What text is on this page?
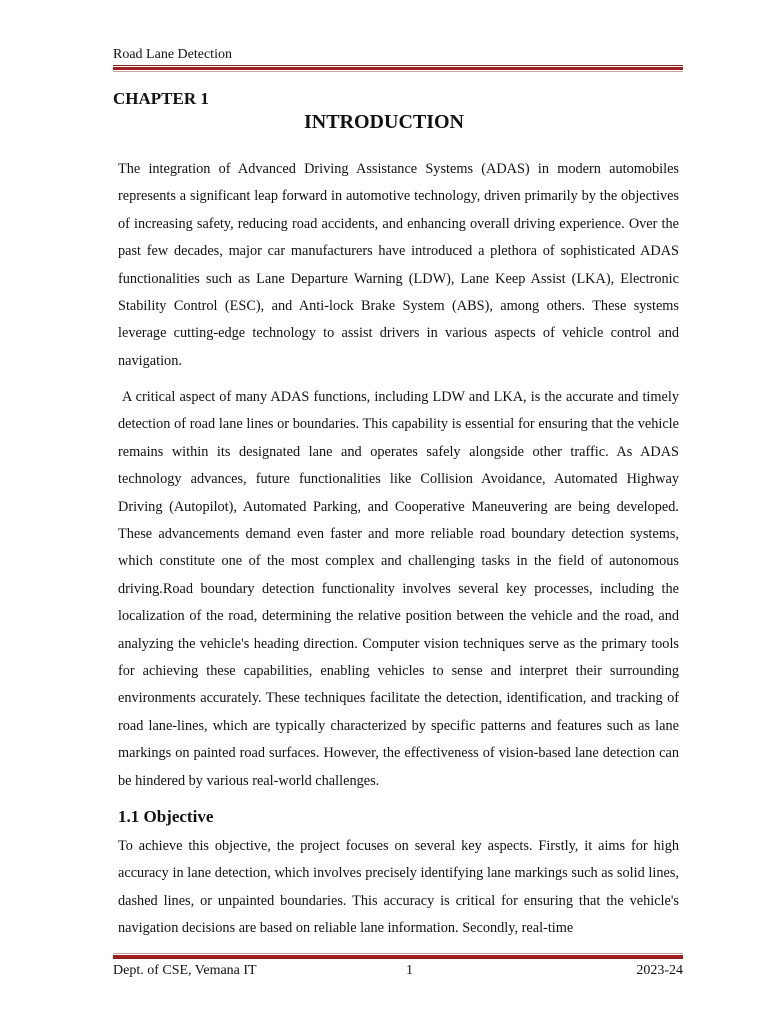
Road Lane Detection
CHAPTER 1
INTRODUCTION

The integration of Advanced Driving Assistance Systems (ADAS) in modern automobiles represents a significant leap forward in automotive technology, driven primarily by the objectives of increasing safety, reducing road accidents, and enhancing overall driving experience. Over the past few decades, major car manufacturers have introduced a plethora of sophisticated ADAS functionalities such as Lane Departure Warning (LDW), Lane Keep Assist (LKA), Electronic Stability Control (ESC), and Anti-lock Brake System (ABS), among others. These systems leverage cutting-edge technology to assist drivers in various aspects of vehicle control and navigation.

A critical aspect of many ADAS functions, including LDW and LKA, is the accurate and timely detection of road lane lines or boundaries. This capability is essential for ensuring that the vehicle remains within its designated lane and operates safely alongside other traffic. As ADAS technology advances, future functionalities like Collision Avoidance, Automated Highway Driving (Autopilot), Automated Parking, and Cooperative Maneuvering are being developed. These advancements demand even faster and more reliable road boundary detection systems, which constitute one of the most complex and challenging tasks in the field of autonomous driving.Road boundary detection functionality involves several key processes, including the localization of the road, determining the relative position between the vehicle and the road, and analyzing the vehicle's heading direction. Computer vision techniques serve as the primary tools for achieving these capabilities, enabling vehicles to sense and interpret their surrounding environments accurately. These techniques facilitate the detection, identification, and tracking of road lane-lines, which are typically characterized by specific patterns and features such as lane markings on painted road surfaces. However, the effectiveness of vision-based lane detection can be hindered by various real-world challenges.

1.1 Objective

To achieve this objective, the project focuses on several key aspects. Firstly, it aims for high accuracy in lane detection, which involves precisely identifying lane markings such as solid lines, dashed lines, or unpainted boundaries. This accuracy is critical for ensuring that the vehicle's navigation decisions are based on reliable lane information. Secondly, real-time

Dept. of CSE, Vemana IT	1	2023-24
